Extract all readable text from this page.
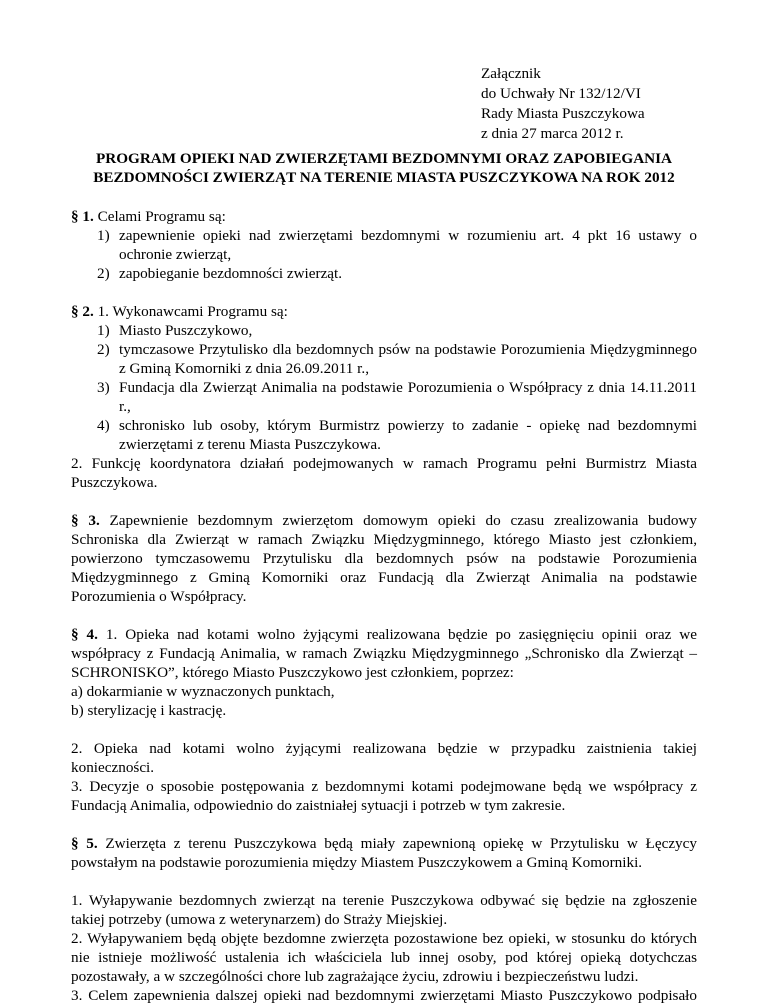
Załącznik
do Uchwały Nr 132/12/VI
Rady Miasta Puszczykowa
z dnia 27 marca 2012 r.
PROGRAM OPIEKI NAD ZWIERZĘTAMI BEZDOMNYMI ORAZ ZAPOBIEGANIA
BEZDOMNOŚCI ZWIERZĄT NA TERENIE MIASTA PUSZCZYKOWA NA ROK 2012
§ 1. Celami Programu są:
1) zapewnienie opieki nad zwierzętami bezdomnymi w rozumieniu art. 4 pkt 16 ustawy o ochronie zwierząt,
2) zapobieganie bezdomności zwierząt.
§ 2. 1. Wykonawcami Programu są:
1) Miasto Puszczykowo,
2) tymczasowe Przytulisko dla bezdomnych psów na podstawie Porozumienia Międzygminnego z Gminą Komorniki z dnia 26.09.2011 r.,
3) Fundacja dla Zwierząt Animalia na podstawie Porozumienia o Współpracy z dnia 14.11.2011 r.,
4) schronisko lub osoby, którym Burmistrz powierzy to zadanie - opiekę nad bezdomnymi zwierzętami z terenu Miasta Puszczykowa.
2. Funkcję koordynatora działań podejmowanych w ramach Programu pełni Burmistrz Miasta Puszczykowa.
§ 3. Zapewnienie bezdomnym zwierzętom domowym opieki do czasu zrealizowania budowy Schroniska dla Zwierząt w ramach Związku Międzygminnego, którego Miasto jest członkiem, powierzono tymczasowemu Przytulisku dla bezdomnych psów na podstawie Porozumienia Międzygminnego z Gminą Komorniki oraz Fundacją dla Zwierząt Animalia na podstawie Porozumienia o Współpracy.
§ 4. 1. Opieka nad kotami wolno żyjącymi realizowana będzie po zasięgnięciu opinii oraz we współpracy z Fundacją Animalia, w ramach Związku Międzygminnego „Schronisko dla Zwierząt – SCHRONISKO”, którego Miasto Puszczykowo jest członkiem, poprzez:
a) dokarmianie w wyznaczonych punktach,
b) sterylizację i kastrację.
2. Opieka nad kotami wolno żyjącymi realizowana będzie w przypadku zaistnienia takiej konieczności.
3. Decyzje o sposobie postępowania z bezdomnymi kotami podejmowane będą we współpracy z Fundacją Animalia, odpowiednio do zaistniałej sytuacji i potrzeb w tym zakresie.
§ 5. Zwierzęta z terenu Puszczykowa będą miały zapewnioną opiekę w Przytulisku w Łęczycy powstałym na podstawie porozumienia między Miastem Puszczykowem a Gminą Komorniki.
1. Wyłapywanie bezdomnych zwierząt na terenie Puszczykowa odbywać się będzie na zgłoszenie takiej potrzeby (umowa z weterynarzem) do Straży Miejskiej.
2. Wyłapywaniem będą objęte bezdomne zwierzęta pozostawione bez opieki, w stosunku do których nie istnieje możliwość ustalenia ich właściciela lub innej osoby, pod której opieką dotychczas pozostawały, a w szczególności chore lub zagrażające życiu, zdrowiu i bezpieczeństwu ludzi.
3. Celem zapewnienia dalszej opieki nad bezdomnymi zwierzętami Miasto Puszczykowo podpisało
